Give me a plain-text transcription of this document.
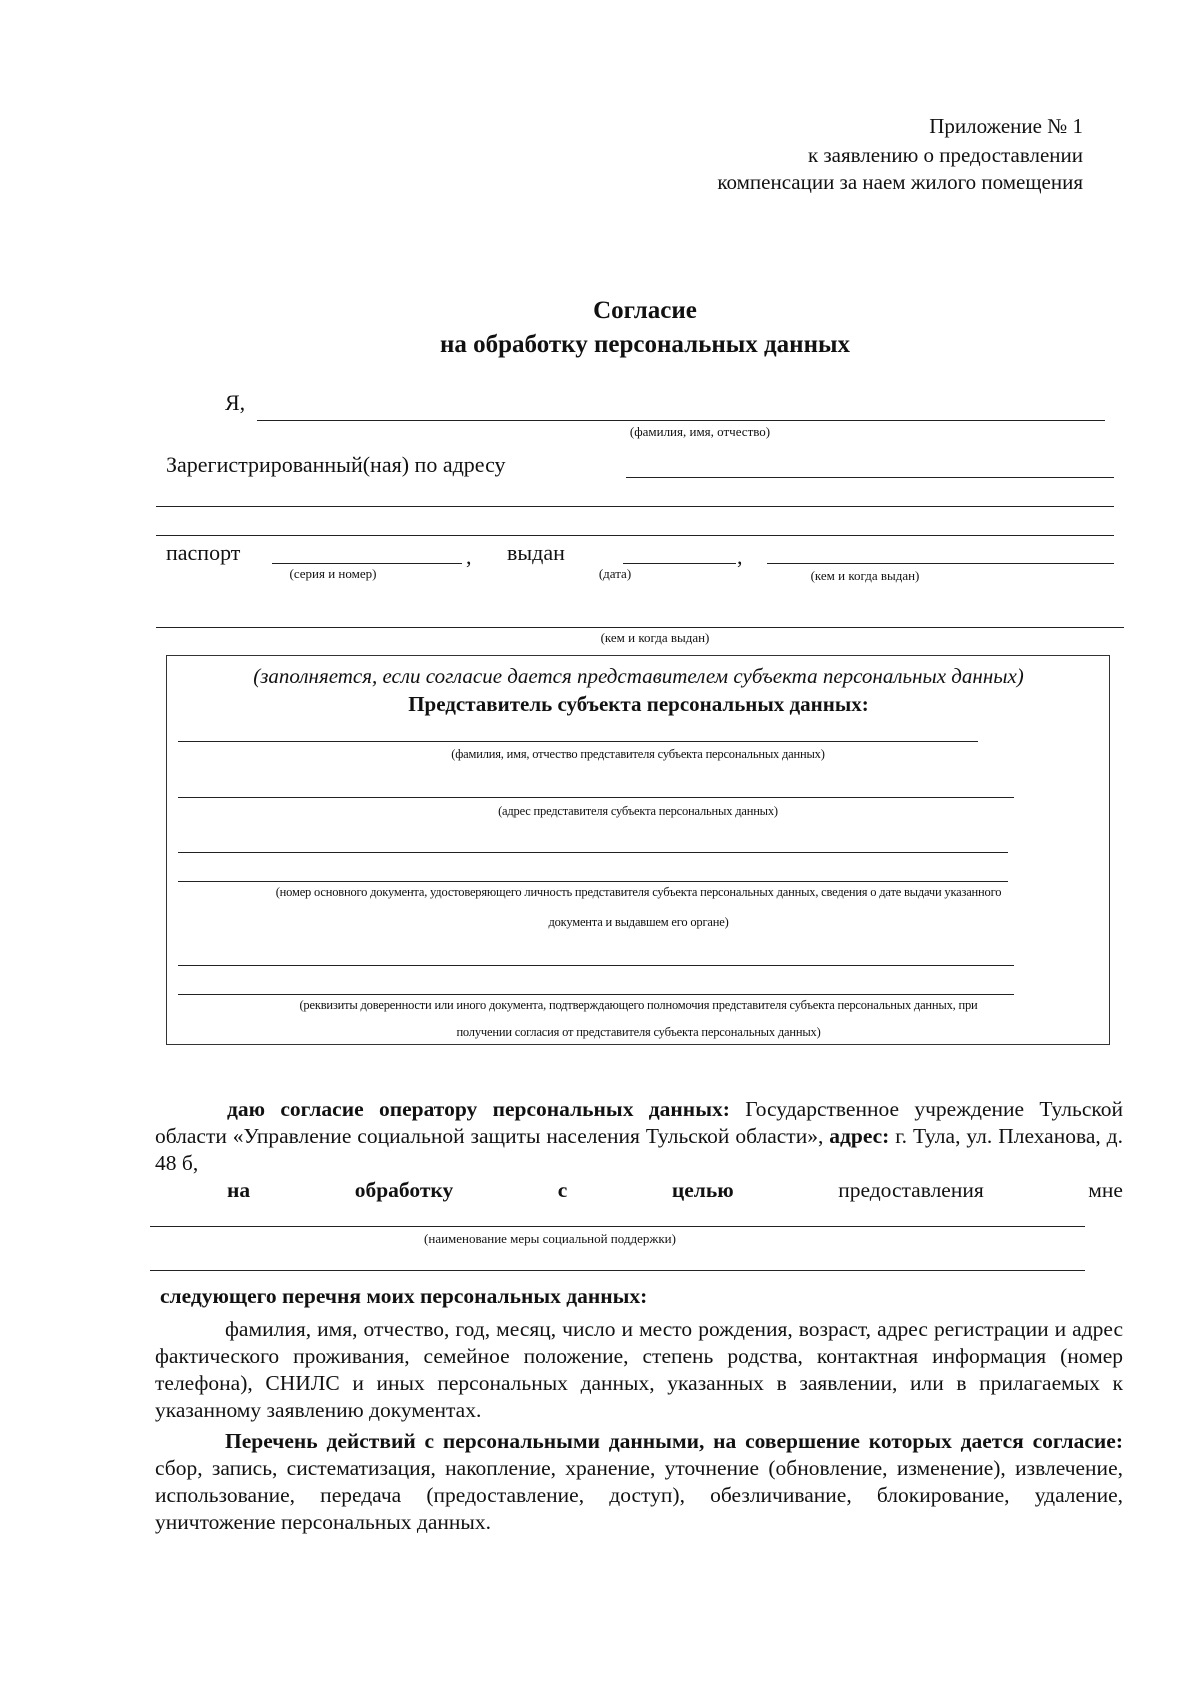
Приложение № 1
к заявлению о предоставлении
компенсации за наем жилого помещения
Согласие
на обработку персональных данных
Я,
(фамилия, имя, отчество)
Зарегистрированный(ная) по адресу
паспорт	,
(серия и номер)
выдан	,
(дата)	(кем и когда выдан)
(кем и когда выдан)
(заполняется, если согласие дается представителем субъекта персональных данных)
Представитель субъекта персональных данных:
(фамилия, имя, отчество представителя субъекта персональных данных)
(адрес представителя субъекта персональных данных)
(номер основного документа, удостоверяющего личность представителя субъекта персональных данных, сведения о дате выдачи указанного
документа и выдавшем его органе)
(реквизиты доверенности или иного документа, подтверждающего полномочия представителя субъекта персональных данных, при
получении согласия от представителя субъекта персональных данных)
даю согласие оператору персональных данных: Государственное учреждение Тульской области «Управление социальной защиты населения Тульской области», адрес: г. Тула, ул. Плеханова, д. 48 б,
на	обработку	с	целью	предоставления	мне
(наименование меры социальной поддержки)
следующего перечня моих персональных данных:
фамилия, имя, отчество, год, месяц, число и место рождения, возраст, адрес регистрации и адрес фактического проживания, семейное положение, степень родства, контактная информация (номер телефона), СНИЛС и иных персональных данных, указанных в заявлении, или в прилагаемых к указанному заявлению документах.
Перечень действий с персональными данными, на совершение которых дается согласие: сбор, запись, систематизация, накопление, хранение, уточнение (обновление, изменение), извлечение, использование, передача (предоставление, доступ), обезличивание, блокирование, удаление, уничтожение персональных данных.
